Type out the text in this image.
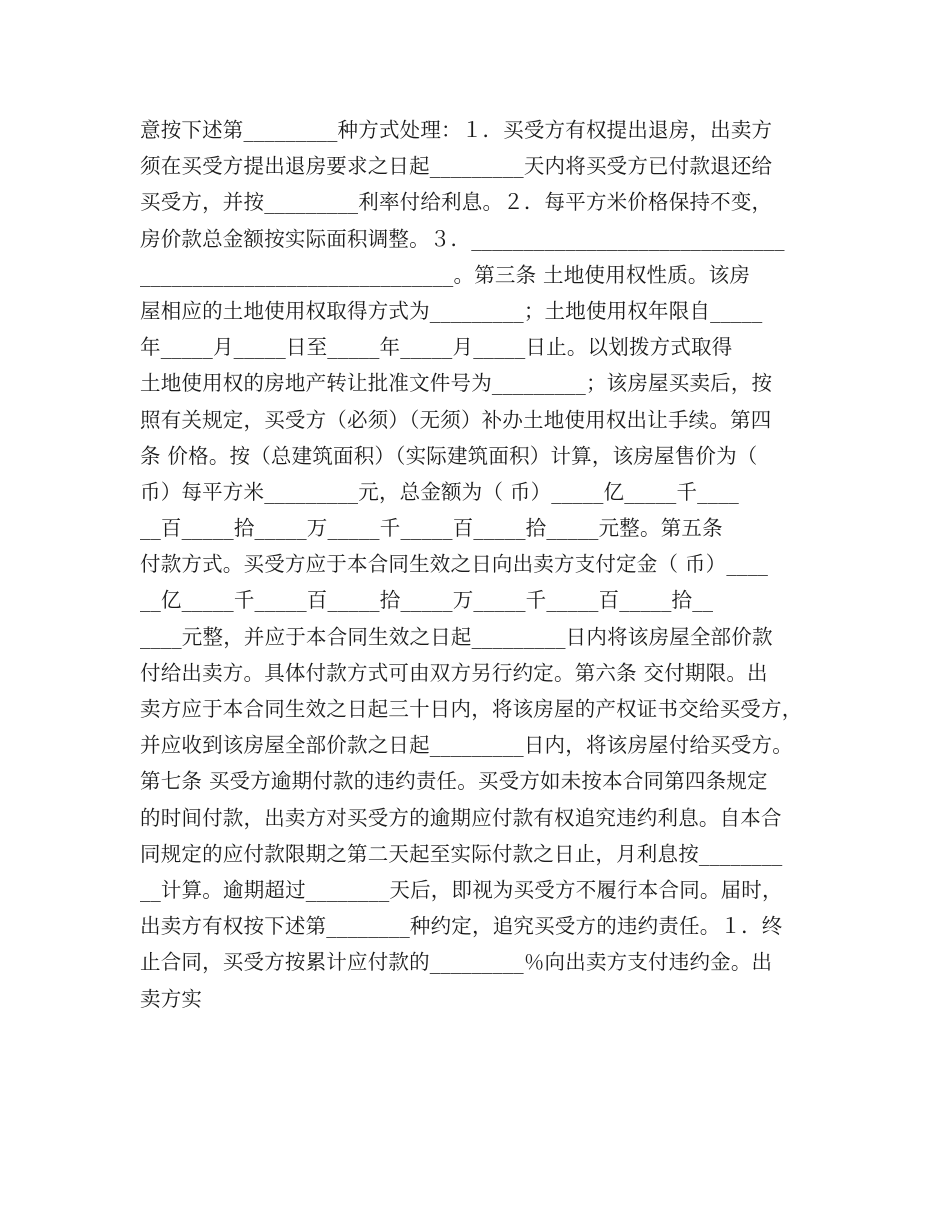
意按下述第_________种方式处理：１．买受方有权提出退房，出卖方
须在买受方提出退房要求之日起_________天内将买受方已付款退还给
买受方，并按_________利率付给利息。２．每平方米价格保持不变，
房价款总金额按实际面积调整。３．______________________________
______________________________。第三条 土地使用权性质。该房
屋相应的土地使用权取得方式为_________；土地使用权年限自_____
年_____月_____日至_____年_____月_____日止。以划拨方式取得
土地使用权的房地产转让批准文件号为_________；该房屋买卖后，按
照有关规定，买受方（必须）（无须）补办土地使用权出让手续。第四
条 价格。按（总建筑面积）（实际建筑面积）计算，该房屋售价为（
币）每平方米_________元，总金额为（ 币）_____亿_____千____
__百_____拾_____万_____千_____百_____拾_____元整。第五条
付款方式。买受方应于本合同生效之日向出卖方支付定金（ 币）____
__亿_____千_____百_____拾_____万_____千_____百_____拾__
____元整，并应于本合同生效之日起_________日内将该房屋全部价款
付给出卖方。具体付款方式可由双方另行约定。第六条 交付期限。出
卖方应于本合同生效之日起三十日内，将该房屋的产权证书交给买受方，
并应收到该房屋全部价款之日起_________日内，将该房屋付给买受方。
第七条 买受方逾期付款的违约责任。买受方如未按本合同第四条规定
的时间付款，出卖方对买受方的逾期应付款有权追究违约利息。自本合
同规定的应付款限期之第二天起至实际付款之日止，月利息按________
__计算。逾期超过________天后，即视为买受方不履行本合同。届时，
出卖方有权按下述第________种约定，追究买受方的违约责任。１．终
止合同，买受方按累计应付款的_________％向出卖方支付违约金。出
卖方实
